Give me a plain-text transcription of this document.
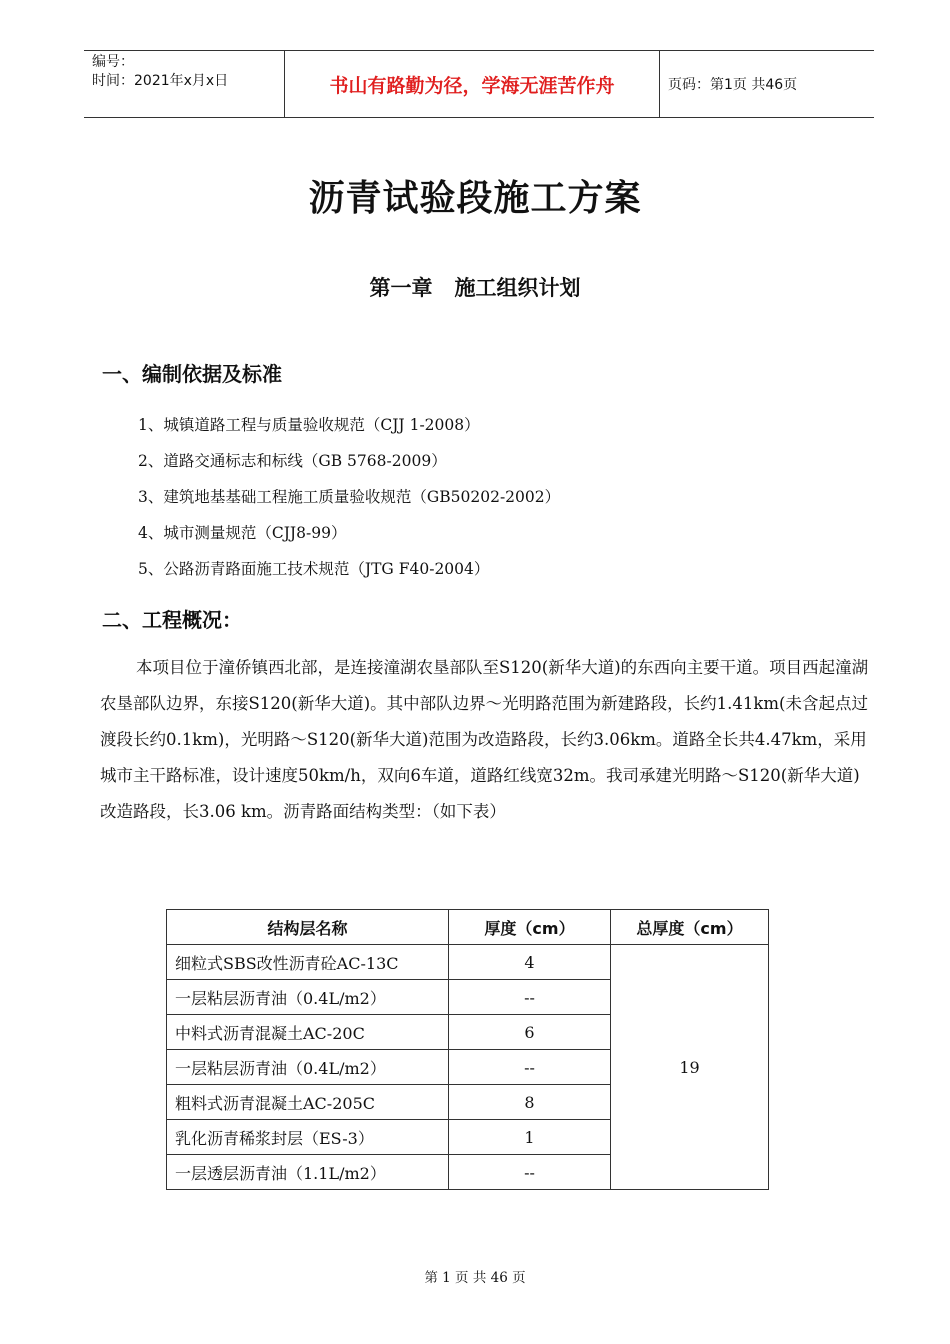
编号：
时间：2021年x月x日	书山有路勤为径，学海无涯苦作舟	页码：第1页 共46页
沥青试验段施工方案
第一章   施工组织计划
一、编制依据及标准
1、城镇道路工程与质量验收规范（CJJ 1-2008）
2、道路交通标志和标线（GB 5768-2009）
3、建筑地基基础工程施工质量验收规范（GB50202-2002）
4、城市测量规范（CJJ8-99）
5、公路沥青路面施工技术规范（JTG F40-2004）
二、工程概况：

本项目位于潼侨镇西北部，是连接潼湖农垦部队至S120(新华大道)的东西向主要干道。项目西起潼湖农垦部队边界，东接S120(新华大道)。其中部队边界～光明路范围为新建路段，长约1.41km(未含起点过渡段长约0.1km)，光明路～S120(新华大道)范围为改造路段，长约3.06km。道路全长共4.47km，采用城市主干路标准，设计速度50km/h，双向6车道，道路红线宽32m。我司承建光明路～S120(新华大道) 改造路段，长3.06 km。沥青路面结构类型：（如下表）

结构层名称	厚度（cm）	总厚度（cm）
细粒式SBS改性沥青砼AC-13C	4	19
一层粘层沥青油（0.4L/m2）	--	
中料式沥青混凝土AC-20C	6	
一层粘层沥青油（0.4L/m2）	--	
粗料式沥青混凝土AC-205C	8	
乳化沥青稀浆封层（ES-3）	1	
一层透层沥青油（1.1L/m2）	--	
第 1 页 共 46 页
